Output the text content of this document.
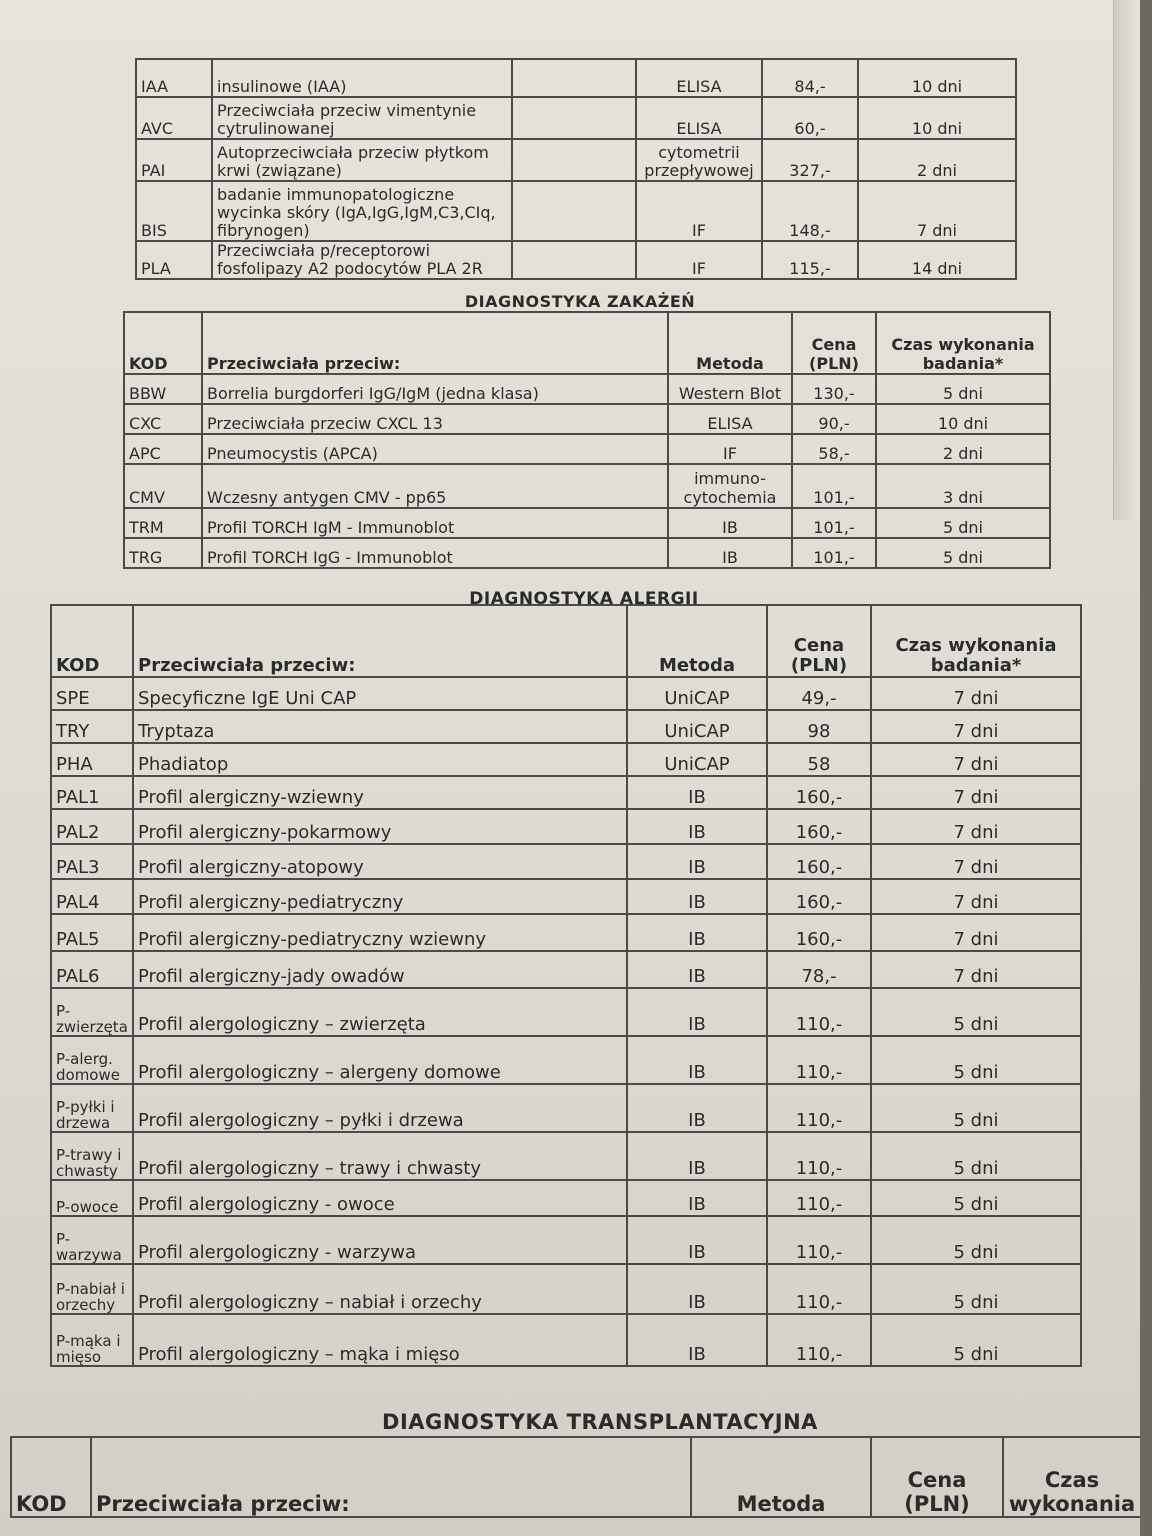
IAA	insulinowe (IAA)		ELISA	84,-	10 dni
AVC	Przeciwciała przeciw vimentynie cytrulinowanej		ELISA	60,-	10 dni
PAI	Autoprzeciwciała przeciw płytkom krwi (związane)		cytometrii przepływowej	327,-	2 dni
BIS	badanie immunopatologiczne wycinka skóry (IgA,IgG,IgM,C3,CIq, fibrynogen)		IF	148,-	7 dni
PLA	Przeciwciała p/receptorowi fosfolipazy A2 podocytów PLA 2R		IF	115,-	14 dni
DIAGNOSTYKA ZAKAŻEŃ
KOD	Przeciwciała przeciw:	Metoda	Cena (PLN)	Czas wykonania badania*
BBW	Borrelia burgdorferi IgG/IgM (jedna klasa)	Western Blot	130,-	5 dni
CXC	Przeciwciała przeciw CXCL 13	ELISA	90,-	10 dni
APC	Pneumocystis (APCA)	IF	58,-	2 dni
CMV	Wczesny antygen CMV - pp65	immuno-cytochemia	101,-	3 dni
TRM	Profil TORCH IgM - Immunoblot	IB	101,-	5 dni
TRG	Profil TORCH IgG - Immunoblot	IB	101,-	5 dni
DIAGNOSTYKA ALERGII
KOD	Przeciwciała przeciw:	Metoda	Cena (PLN)	Czas wykonania badania*
SPE	Specyficzne IgE Uni CAP	UniCAP	49,-	7 dni
TRY	Tryptaza	UniCAP	98	7 dni
PHA	Phadiatop	UniCAP	58	7 dni
PAL1	Profil alergiczny-wziewny	IB	160,-	7 dni
PAL2	Profil alergiczny-pokarmowy	IB	160,-	7 dni
PAL3	Profil alergiczny-atopowy	IB	160,-	7 dni
PAL4	Profil alergiczny-pediatryczny	IB	160,-	7 dni
PAL5	Profil alergiczny-pediatryczny wziewny	IB	160,-	7 dni
PAL6	Profil alergiczny-jady owadów	IB	78,-	7 dni
P-zwierzęta	Profil alergologiczny – zwierzęta	IB	110,-	5 dni
P-alerg. domowe	Profil alergologiczny – alergeny domowe	IB	110,-	5 dni
P-pyłki i drzewa	Profil alergologiczny – pyłki i drzewa	IB	110,-	5 dni
P-trawy i chwasty	Profil alergologiczny – trawy i chwasty	IB	110,-	5 dni
P-owoce	Profil alergologiczny - owoce	IB	110,-	5 dni
P-warzywa	Profil alergologiczny - warzywa	IB	110,-	5 dni
P-nabiał i orzechy	Profil alergologiczny – nabiał i orzechy	IB	110,-	5 dni
P-mąka i mięso	Profil alergologiczny – mąka i mięso	IB	110,-	5 dni
DIAGNOSTYKA TRANSPLANTACYJNA
KOD	Przeciwciała przeciw:	Metoda	Cena (PLN)	Czas wykonania
